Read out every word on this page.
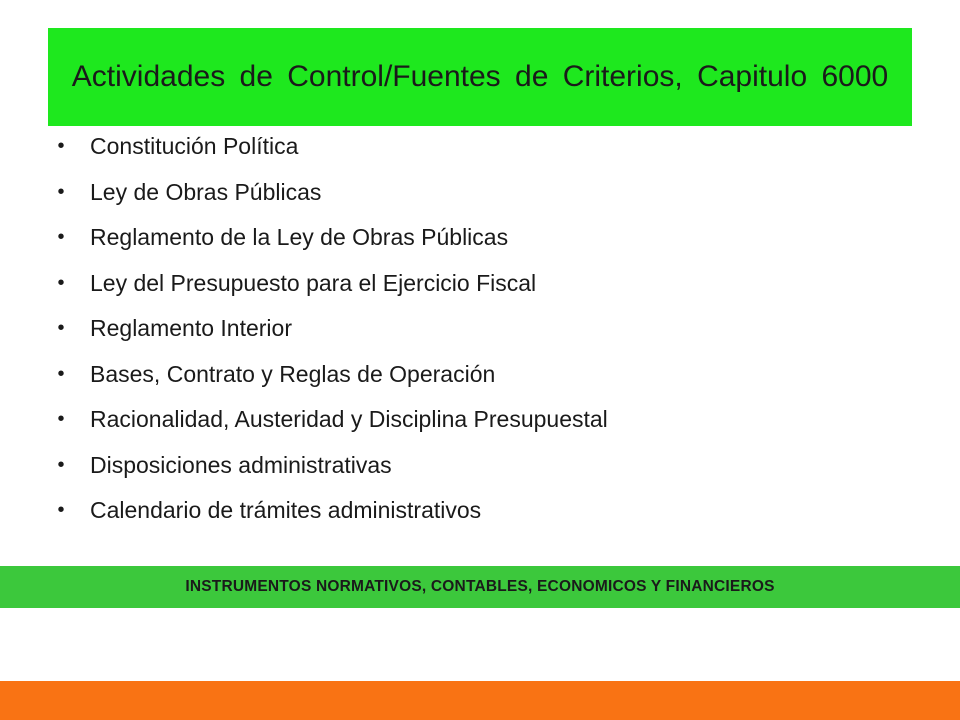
Actividades de Control/Fuentes de Criterios, Capitulo 6000
• Constitución Política
• Ley de Obras Públicas
• Reglamento de la Ley de Obras Públicas
• Ley del Presupuesto para el Ejercicio Fiscal
• Reglamento Interior
• Bases, Contrato y Reglas de Operación
• Racionalidad, Austeridad y Disciplina Presupuestal
• Disposiciones administrativas
• Calendario de trámites administrativos
INSTRUMENTOS NORMATIVOS, CONTABLES, ECONOMICOS Y FINANCIEROS
